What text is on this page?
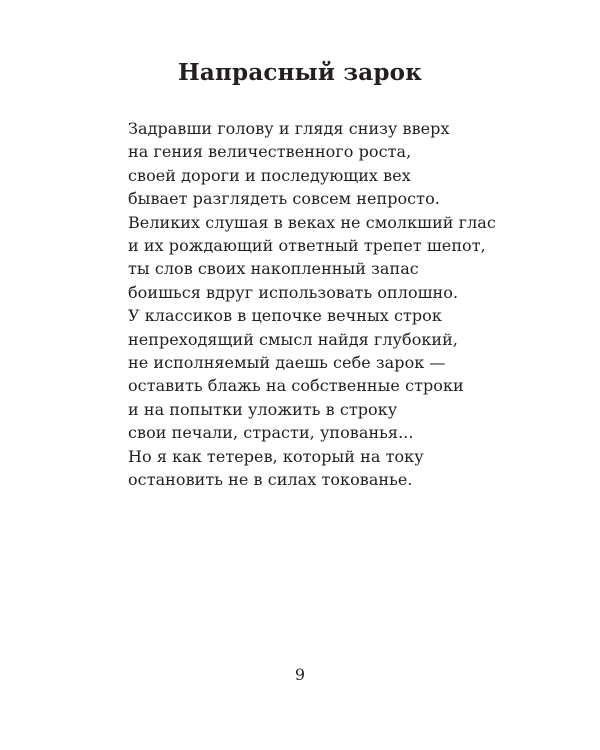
Напрасный зарок
Задравши голову и глядя снизу вверх
на гения величественного роста,
своей дороги и последующих вех
бывает разглядеть совсем непросто.
Великих слушая в веках не смолкший глас
и их рождающий ответный трепет шепот,
ты слов своих накопленный запас
боишься вдруг использовать оплошно.
У классиков в цепочке вечных строк
непреходящий смысл найдя глубокий,
не исполняемый даешь себе зарок —
оставить блажь на собственные строки
и на попытки уложить в строку
свои печали, страсти, упованья...
Но я как тетерев, который на току
остановить не в силах токованье.
9
